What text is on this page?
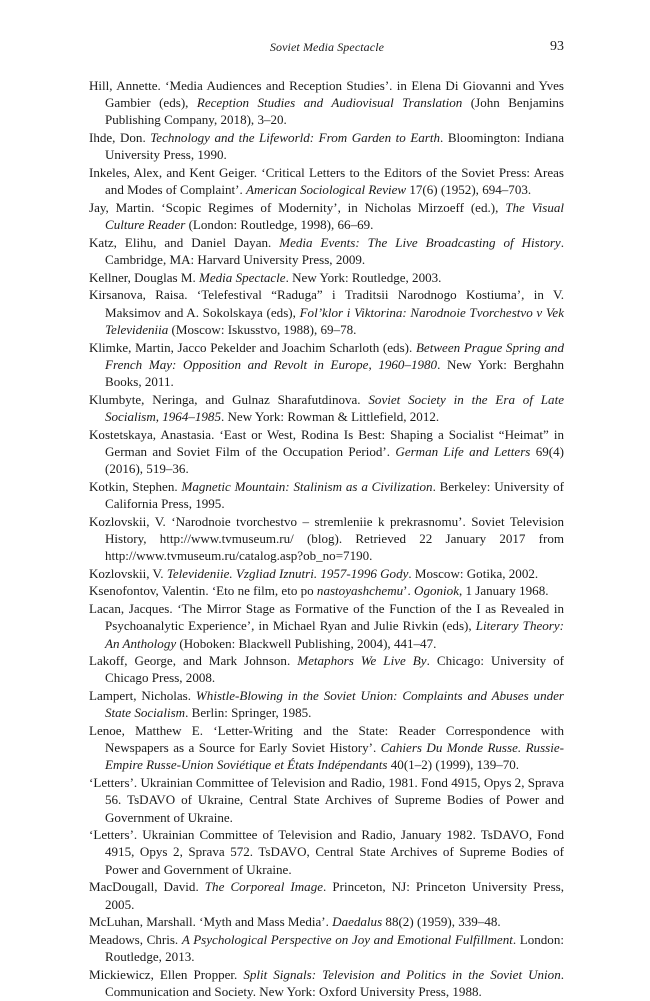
Soviet Media Spectacle	93

Hill, Annette. ‘Media Audiences and Reception Studies’. in Elena Di Giovanni and Yves Gambier (eds), Reception Studies and Audiovisual Translation (John Benjamins Publishing Company, 2018), 3–20.

Ihde, Don. Technology and the Lifeworld: From Garden to Earth. Bloomington: Indiana University Press, 1990.

Inkeles, Alex, and Kent Geiger. ‘Critical Letters to the Editors of the Soviet Press: Areas and Modes of Complaint’. American Sociological Review 17(6) (1952), 694–703.

Jay, Martin. ‘Scopic Regimes of Modernity’, in Nicholas Mirzoeff (ed.), The Visual Culture Reader (London: Routledge, 1998), 66–69.

Katz, Elihu, and Daniel Dayan. Media Events: The Live Broadcasting of History. Cambridge, MA: Harvard University Press, 2009.

Kellner, Douglas M. Media Spectacle. New York: Routledge, 2003.

Kirsanova, Raisa. ‘Telefestival “Raduga” i Traditsii Narodnogo Kostiuma’, in V. Maksimov and A. Sokolskaya (eds), Fol’klor i Viktorina: Narodnoie Tvorchestvo v Vek Televideniia (Moscow: Iskusstvo, 1988), 69–78.

Klimke, Martin, Jacco Pekelder and Joachim Scharloth (eds). Between Prague Spring and French May: Opposition and Revolt in Europe, 1960–1980. New York: Berghahn Books, 2011.

Klumbyte, Neringa, and Gulnaz Sharafutdinova. Soviet Society in the Era of Late Socialism, 1964–1985. New York: Rowman & Littlefield, 2012.

Kostetskaya, Anastasia. ‘East or West, Rodina Is Best: Shaping a Socialist “Heimat” in German and Soviet Film of the Occupation Period’. German Life and Letters 69(4) (2016), 519–36.

Kotkin, Stephen. Magnetic Mountain: Stalinism as a Civilization. Berkeley: University of California Press, 1995.

Kozlovskii, V. ‘Narodnoie tvorchestvo – stremleniie k prekrasnomu’. Soviet Television History, http://www.tvmuseum.ru/ (blog). Retrieved 22 January 2017 from http://www.tvmuseum.ru/catalog.asp?ob_no=7190.

Kozlovskii, V. Televideniie. Vzgliad Iznutri. 1957-1996 Gody. Moscow: Gotika, 2002.

Ksenofontov, Valentin. ‘Eto ne film, eto po nastoyashchemu’. Ogoniok, 1 January 1968.

Lacan, Jacques. ‘The Mirror Stage as Formative of the Function of the I as Revealed in Psychoanalytic Experience’, in Michael Ryan and Julie Rivkin (eds), Literary Theory: An Anthology (Hoboken: Blackwell Publishing, 2004), 441–47.

Lakoff, George, and Mark Johnson. Metaphors We Live By. Chicago: University of Chicago Press, 2008.

Lampert, Nicholas. Whistle-Blowing in the Soviet Union: Complaints and Abuses under State Socialism. Berlin: Springer, 1985.

Lenoe, Matthew E. ‘Letter-Writing and the State: Reader Correspondence with Newspapers as a Source for Early Soviet History’. Cahiers Du Monde Russe. Russie-Empire Russe-Union Soviétique et États Indépendants 40(1–2) (1999), 139–70.

‘Letters’. Ukrainian Committee of Television and Radio, 1981. Fond 4915, Opys 2, Sprava 56. TsDAVO of Ukraine, Central State Archives of Supreme Bodies of Power and Government of Ukraine.

‘Letters’. Ukrainian Committee of Television and Radio, January 1982. TsDAVO, Fond 4915, Opys 2, Sprava 572. TsDAVO, Central State Archives of Supreme Bodies of Power and Government of Ukraine.

MacDougall, David. The Corporeal Image. Princeton, NJ: Princeton University Press, 2005.

McLuhan, Marshall. ‘Myth and Mass Media’. Daedalus 88(2) (1959), 339–48.

Meadows, Chris. A Psychological Perspective on Joy and Emotional Fulfillment. London: Routledge, 2013.

Mickiewicz, Ellen Propper. Split Signals: Television and Politics in the Soviet Union. Communication and Society. New York: Oxford University Press, 1988.
